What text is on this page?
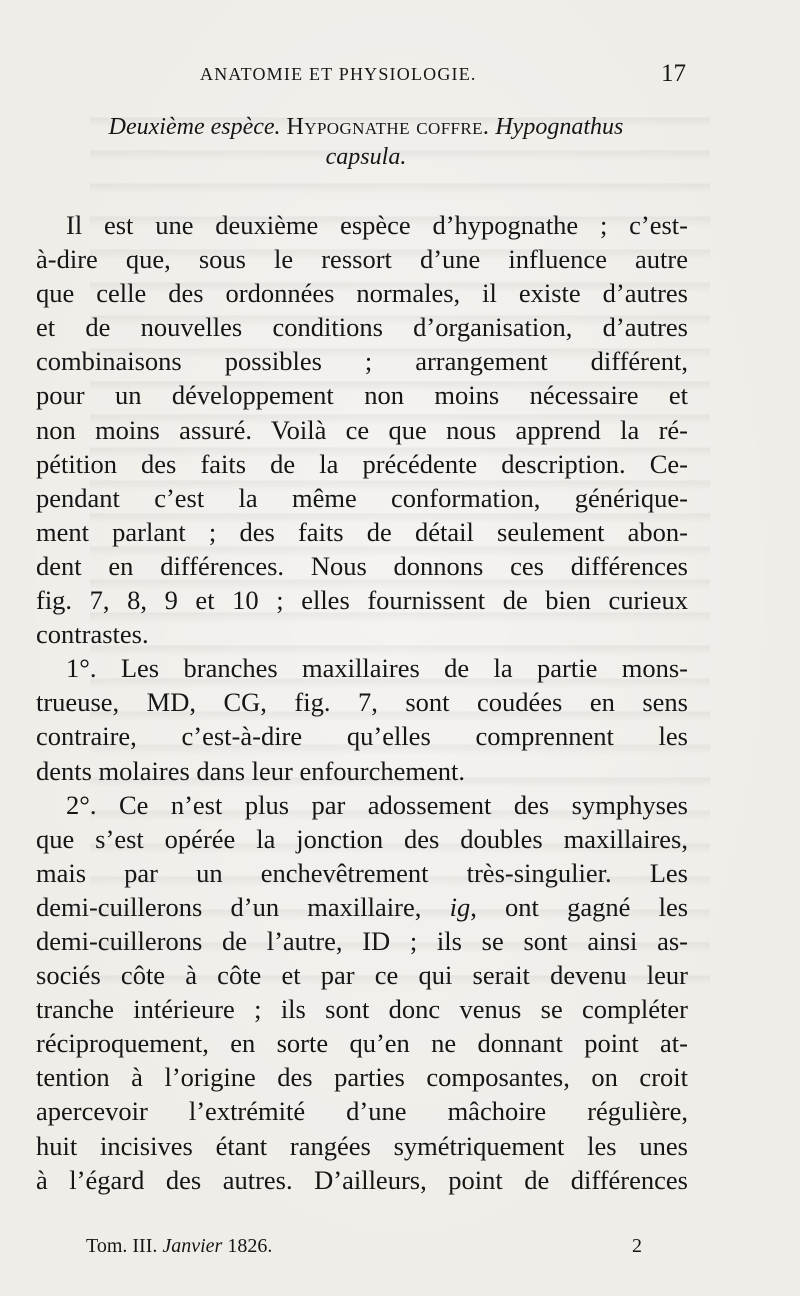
ANATOMIE ET PHYSIOLOGIE.	17
Deuxième espèce. Hypognathe coffre. Hypognathus
capsula.
Il est une deuxième espèce d’hypognathe ; c’est-
à-dire que, sous le ressort d’une influence autre
que celle des ordonnées normales, il existe d’autres
et de nouvelles conditions d’organisation, d’autres
combinaisons possibles ; arrangement différent,
pour un développement non moins nécessaire et
non moins assuré. Voilà ce que nous apprend la ré-
pétition des faits de la précédente description. Ce-
pendant c’est la même conformation, générique-
ment parlant ; des faits de détail seulement abon-
dent en différences. Nous donnons ces différences
fig. 7, 8, 9 et 10 ; elles fournissent de bien curieux
contrastes.
1°. Les branches maxillaires de la partie mons-
trueuse, MD, CG, fig. 7, sont coudées en sens
contraire, c’est-à-dire qu’elles comprennent les
dents molaires dans leur enfourchement.
2°. Ce n’est plus par adossement des symphyses
que s’est opérée la jonction des doubles maxillaires,
mais par un enchevêtrement très-singulier. Les
demi-cuillerons d’un maxillaire, ig, ont gagné les
demi-cuillerons de l’autre, ID ; ils se sont ainsi as-
sociés côte à côte et par ce qui serait devenu leur
tranche intérieure ; ils sont donc venus se compléter
réciproquement, en sorte qu’en ne donnant point at-
tention à l’origine des parties composantes, on croit
apercevoir l’extrémité d’une mâchoire régulière,
huit incisives étant rangées symétriquement les unes
à l’égard des autres. D’ailleurs, point de différences
Tom. III. Janvier 1826.	2
